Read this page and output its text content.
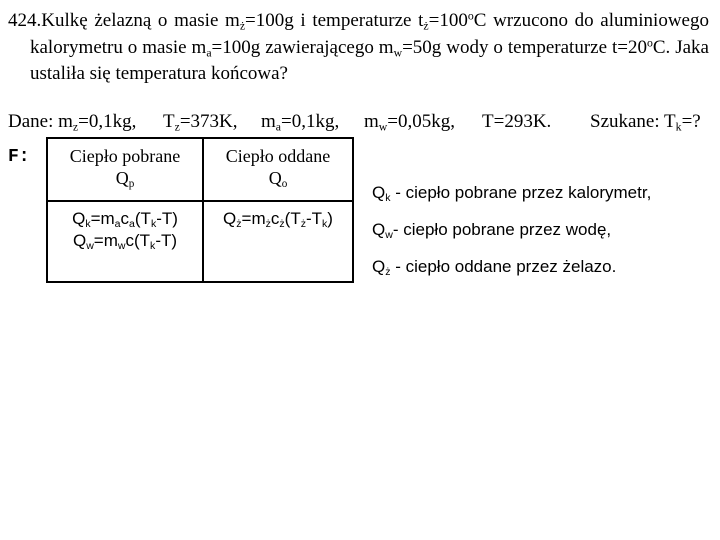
424.Kulkę żelazną o masie $m_ż=100g$ i temperaturze $t_ż=100^oC$ wrzucono do aluminiowego kalorymetru o masie $m_a=100g$ zawierającego $m_w=50g$ wody o temperaturze $t=20^oC$. Jaka ustaliła się temperatura końcowa?
Dane: $m_z=0,1kg$, $T_z=373K$, $m_a=0,1kg$, $m_w=0,05kg$, T=293K. Szukane: $T_k=$?
F:	Ciepło pobrane
$Q_p$
Ciepło oddane
$Q_o$
$Q_k=m_ac_a(T_k-T)$
$Q_w=m_wc(T_k-T)$
$Q_ż=m_żc_ż(T_ż-T_k)$
$Q_k$ - ciepło pobrane przez kalorymetr,
$Q_w-$ ciepło pobrane przez wodę,
$Q_ż$ - ciepło oddane przez żelazo.
